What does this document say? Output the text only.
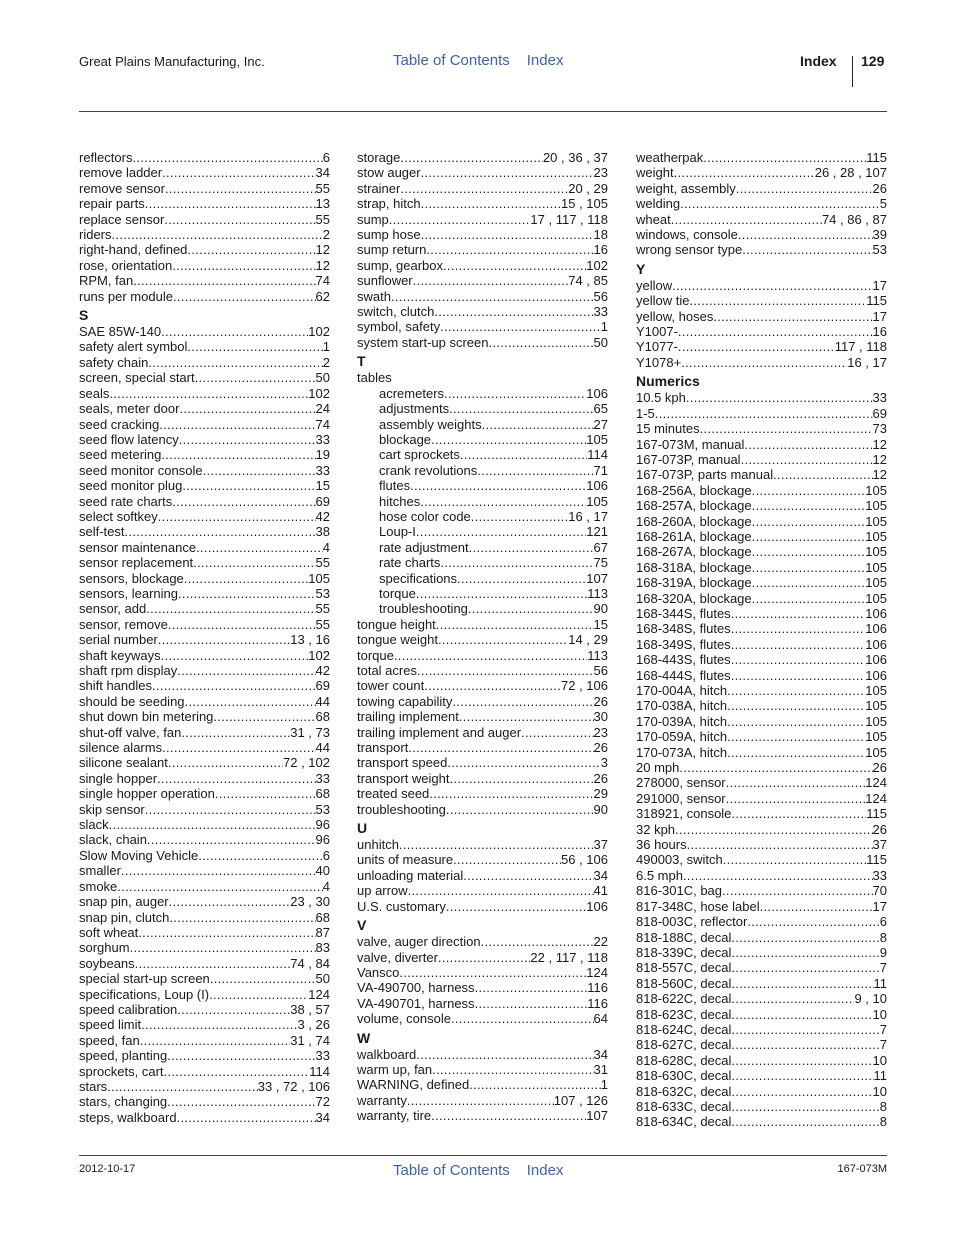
Great Plains Manufacturing, Inc.	Table of Contents Index	Index 129
reflectors .....	6
remove ladder .....	34
remove sensor .....	55
repair parts .....	13
replace sensor .....	55
riders .....	2
right-hand, defined .....	12
rose, orientation .....	12
RPM, fan .....	74
runs per module .....	62
S
SAE 85W-140 .....	102
safety alert symbol .....	1
safety chain .....	2
screen, special start .....	50
seals .....	102
seals, meter door .....	24
seed cracking .....	74
seed flow latency .....	33
seed metering .....	19
seed monitor console .....	33
seed monitor plug .....	15
seed rate charts .....	69
select softkey .....	42
self-test .....	38
sensor maintenance .....	4
sensor replacement .....	55
sensors, blockage .....	105
sensors, learning .....	53
sensor, add .....	55
sensor, remove .....	55
serial number .....	13 , 16
shaft keyways .....	102
shaft rpm display .....	42
shift handles .....	69
should be seeding .....	44
shut down bin metering .....	68
shut-off valve, fan .....	31 , 73
silence alarms .....	44
silicone sealant .....	72 , 102
single hopper .....	33
single hopper operation .....	68
skip sensor .....	53
slack .....	96
slack, chain .....	96
Slow Moving Vehicle .....	6
smaller .....	40
smoke .....	4
snap pin, auger .....	23 , 30
snap pin, clutch .....	68
soft wheat .....	87
sorghum .....	83
soybeans .....	74 , 84
special start-up screen .....	50
specifications, Loup (I) .....	124
speed calibration .....	38 , 57
speed limit .....	3 , 26
speed, fan .....	31 , 74
speed, planting .....	33
sprockets, cart .....	114
stars .....	33 , 72 , 106
stars, changing .....	72
steps, walkboard .....	34
storage .....	20 , 36 , 37
stow auger .....	23
strainer .....	20 , 29
strap, hitch .....	15 , 105
sump .....	17 , 117 , 118
sump hose .....	18
sump return .....	16
sump, gearbox .....	102
sunflower .....	74 , 85
swath .....	56
switch, clutch .....	33
symbol, safety .....	1
system start-up screen .....	50
T
tables
acremeters .....	106
adjustments .....	65
assembly weights .....	27
blockage .....	105
cart sprockets .....	114
crank revolutions .....	71
flutes .....	106
hitches .....	105
hose color code .....	16 , 17
Loup-I .....	121
rate adjustment .....	67
rate charts .....	75
specifications .....	107
torque .....	113
troubleshooting .....	90
tongue height .....	15
tongue weight .....	14 , 29
torque .....	113
total acres .....	56
tower count .....	72 , 106
towing capability .....	26
trailing implement .....	30
trailing implement and auger .....	23
transport .....	26
transport speed .....	3
transport weight .....	26
treated seed .....	29
troubleshooting .....	90
U
unhitch .....	37
units of measure .....	56 , 106
unloading material .....	34
up arrow .....	41
U.S. customary .....	106
V
valve, auger direction .....	22
valve, diverter .....	22 , 117 , 118
Vansco .....	124
VA-490700, harness .....	116
VA-490701, harness .....	116
volume, console .....	64
W
walkboard .....	34
warm up, fan .....	31
WARNING, defined .....	1
warranty .....	107 , 126
warranty, tire .....	107
weatherpak .....	115
weight .....	26 , 28 , 107
weight, assembly .....	26
welding .....	5
wheat .....	74 , 86 , 87
windows, console .....	39
wrong sensor type .....	53
Y
yellow .....	17
yellow tie .....	115
yellow, hoses .....	17
Y1007- .....	16
Y1077- .....	117 , 118
Y1078+ .....	16 , 17
Numerics
10.5 kph .....	33
1-5 .....	69
15 minutes .....	73
167-073M, manual .....	12
167-073P, manual .....	12
167-073P, parts manual .....	12
168-256A, blockage .....	105
168-257A, blockage .....	105
168-260A, blockage .....	105
168-261A, blockage .....	105
168-267A, blockage .....	105
168-318A, blockage .....	105
168-319A, blockage .....	105
168-320A, blockage .....	105
168-344S, flutes .....	106
168-348S, flutes .....	106
168-349S, flutes .....	106
168-443S, flutes .....	106
168-444S, flutes .....	106
170-004A, hitch .....	105
170-038A, hitch .....	105
170-039A, hitch .....	105
170-059A, hitch .....	105
170-073A, hitch .....	105
20 mph .....	26
278000, sensor .....	124
291000, sensor .....	124
318921, console .....	115
32 kph .....	26
36 hours .....	37
490003, switch .....	115
6.5 mph .....	33
816-301C, bag .....	70
817-348C, hose label .....	17
818-003C, reflector .....	6
818-188C, decal .....	8
818-339C, decal .....	9
818-557C, decal .....	7
818-560C, decal .....	11
818-622C, decal .....	9 , 10
818-623C, decal .....	10
818-624C, decal .....	7
818-627C, decal .....	7
818-628C, decal .....	10
818-630C, decal .....	11
818-632C, decal .....	10
818-633C, decal .....	8
818-634C, decal .....	8
2012-10-17	Table of Contents Index	167-073M
